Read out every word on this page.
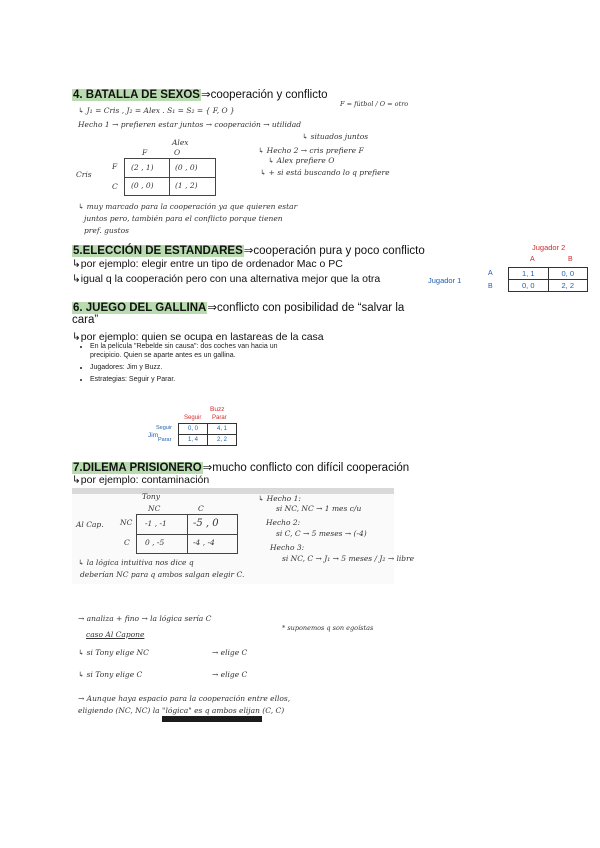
4. BATALLA DE SEXOS⇒cooperación y conflicto
↳ J₁ = Cris , J₂ = Alex . S₁ = S₂ = { F, O }
F = fútbol / O = otro
Hecho 1 → prefieren estar juntos → cooperación → utilidad
↳ situados juntos
Alex
F	O
Cris
F
C
(2 , 1)	(0 , 0)
(0 , 0)	(1 , 2)
↳ Hecho 2 → cris prefiere F
↳ Alex prefiere O
↳ + si está buscando lo q prefiere
↳ muy marcado para la cooperación ya que quieren estar
juntos pero, también para el conflicto porque tienen
pref. gustos
5.ELECCIÓN DE ESTANDARES⇒cooperación pura y poco conflicto
↳por ejemplo: elegir entre un tipo de ordenador Mac o PC
↳igual q la cooperación pero con una alternativa mejor que la otra
Jugador 2
Jugador 1
A	B
A
B
1, 1	0, 0
0, 0	2, 2
6. JUEGO DEL GALLINA⇒conflicto con posibilidad de “salvar la
cara”
↳por ejemplo: quien se ocupa en lastareas de la casa
• En la película "Rebelde sin causa": dos coches van hacia un precipicio. Quien se aparte antes es un gallina.
• Jugadores: Jim y Buzz.
• Estrategias: Seguir y Parar.
Buzz
Seguir Parar
Jim
Seguir
Parar
0, 0	4, 1
1, 4	2, 2
7.DILEMA PRISIONERO⇒mucho conflicto con difícil cooperación
↳por ejemplo: contaminación
Tony
Al Cap.
NC	C
NC
C
-1 , -1	-5 , 0
0 , -5	-4 , -4
↳ Hecho 1:
si NC, NC → 1 mes c/u
Hecho 2:
si C, C → 5 meses → (-4)
Hecho 3:
si NC, C → J₁ → 5 meses / J₂ → libre
↳ la lógica intuitiva nos dice q
deberían NC para q ambos salgan elegir C.
→ analiza + fino → la lógica sería C
* suponemos q son egoístas
caso Al Capone
↳ si Tony elige NC	→ elige C
↳ si Tony elige C	→ elige C
→ Aunque haya espacio para la cooperación entre ellos,
eligiendo (NC, NC) la "lógica" es q ambos elijan (C, C)
